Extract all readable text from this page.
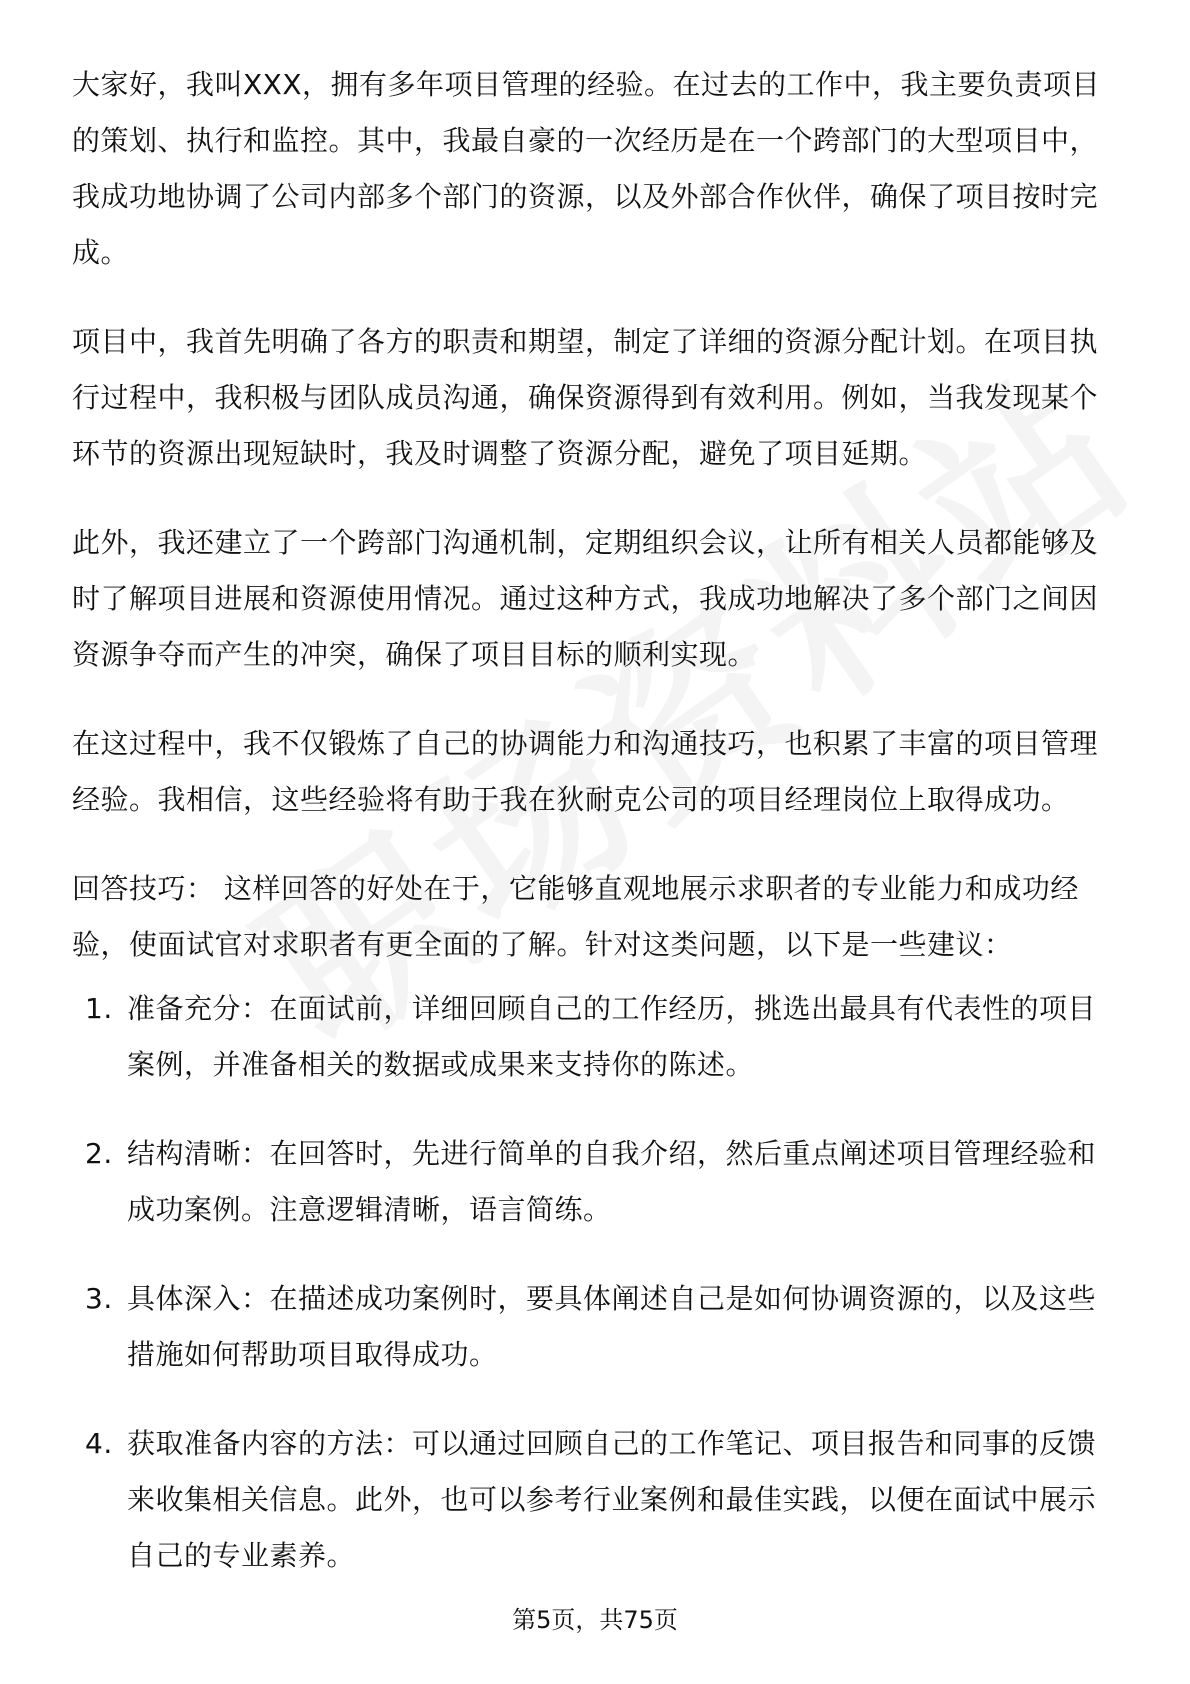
大家好，我叫XXX，拥有多年项目管理的经验。在过去的工作中，我主要负责项目的策划、执行和监控。其中，我最自豪的一次经历是在一个跨部门的大型项目中，我成功地协调了公司内部多个部门的资源，以及外部合作伙伴，确保了项目按时完成。

项目中，我首先明确了各方的职责和期望，制定了详细的资源分配计划。在项目执行过程中，我积极与团队成员沟通，确保资源得到有效利用。例如，当我发现某个环节的资源出现短缺时，我及时调整了资源分配，避免了项目延期。

此外，我还建立了一个跨部门沟通机制，定期组织会议，让所有相关人员都能够及时了解项目进展和资源使用情况。通过这种方式，我成功地解决了多个部门之间因资源争夺而产生的冲突，确保了项目目标的顺利实现。

在这过程中，我不仅锻炼了自己的协调能力和沟通技巧，也积累了丰富的项目管理经验。我相信，这些经验将有助于我在狄耐克公司的项目经理岗位上取得成功。

回答技巧： 这样回答的好处在于，它能够直观地展示求职者的专业能力和成功经验，使面试官对求职者有更全面的了解。针对这类问题，以下是一些建议：

1. 准备充分：在面试前，详细回顾自己的工作经历，挑选出最具有代表性的项目案例，并准备相关的数据或成果来支持你的陈述。
2. 结构清晰：在回答时，先进行简单的自我介绍，然后重点阐述项目管理经验和成功案例。注意逻辑清晰，语言简练。
3. 具体深入：在描述成功案例时，要具体阐述自己是如何协调资源的，以及这些措施如何帮助项目取得成功。
4. 获取准备内容的方法：可以通过回顾自己的工作笔记、项目报告和同事的反馈来收集相关信息。此外，也可以参考行业案例和最佳实践，以便在面试中展示自己的专业素养。
第5页，共75页
